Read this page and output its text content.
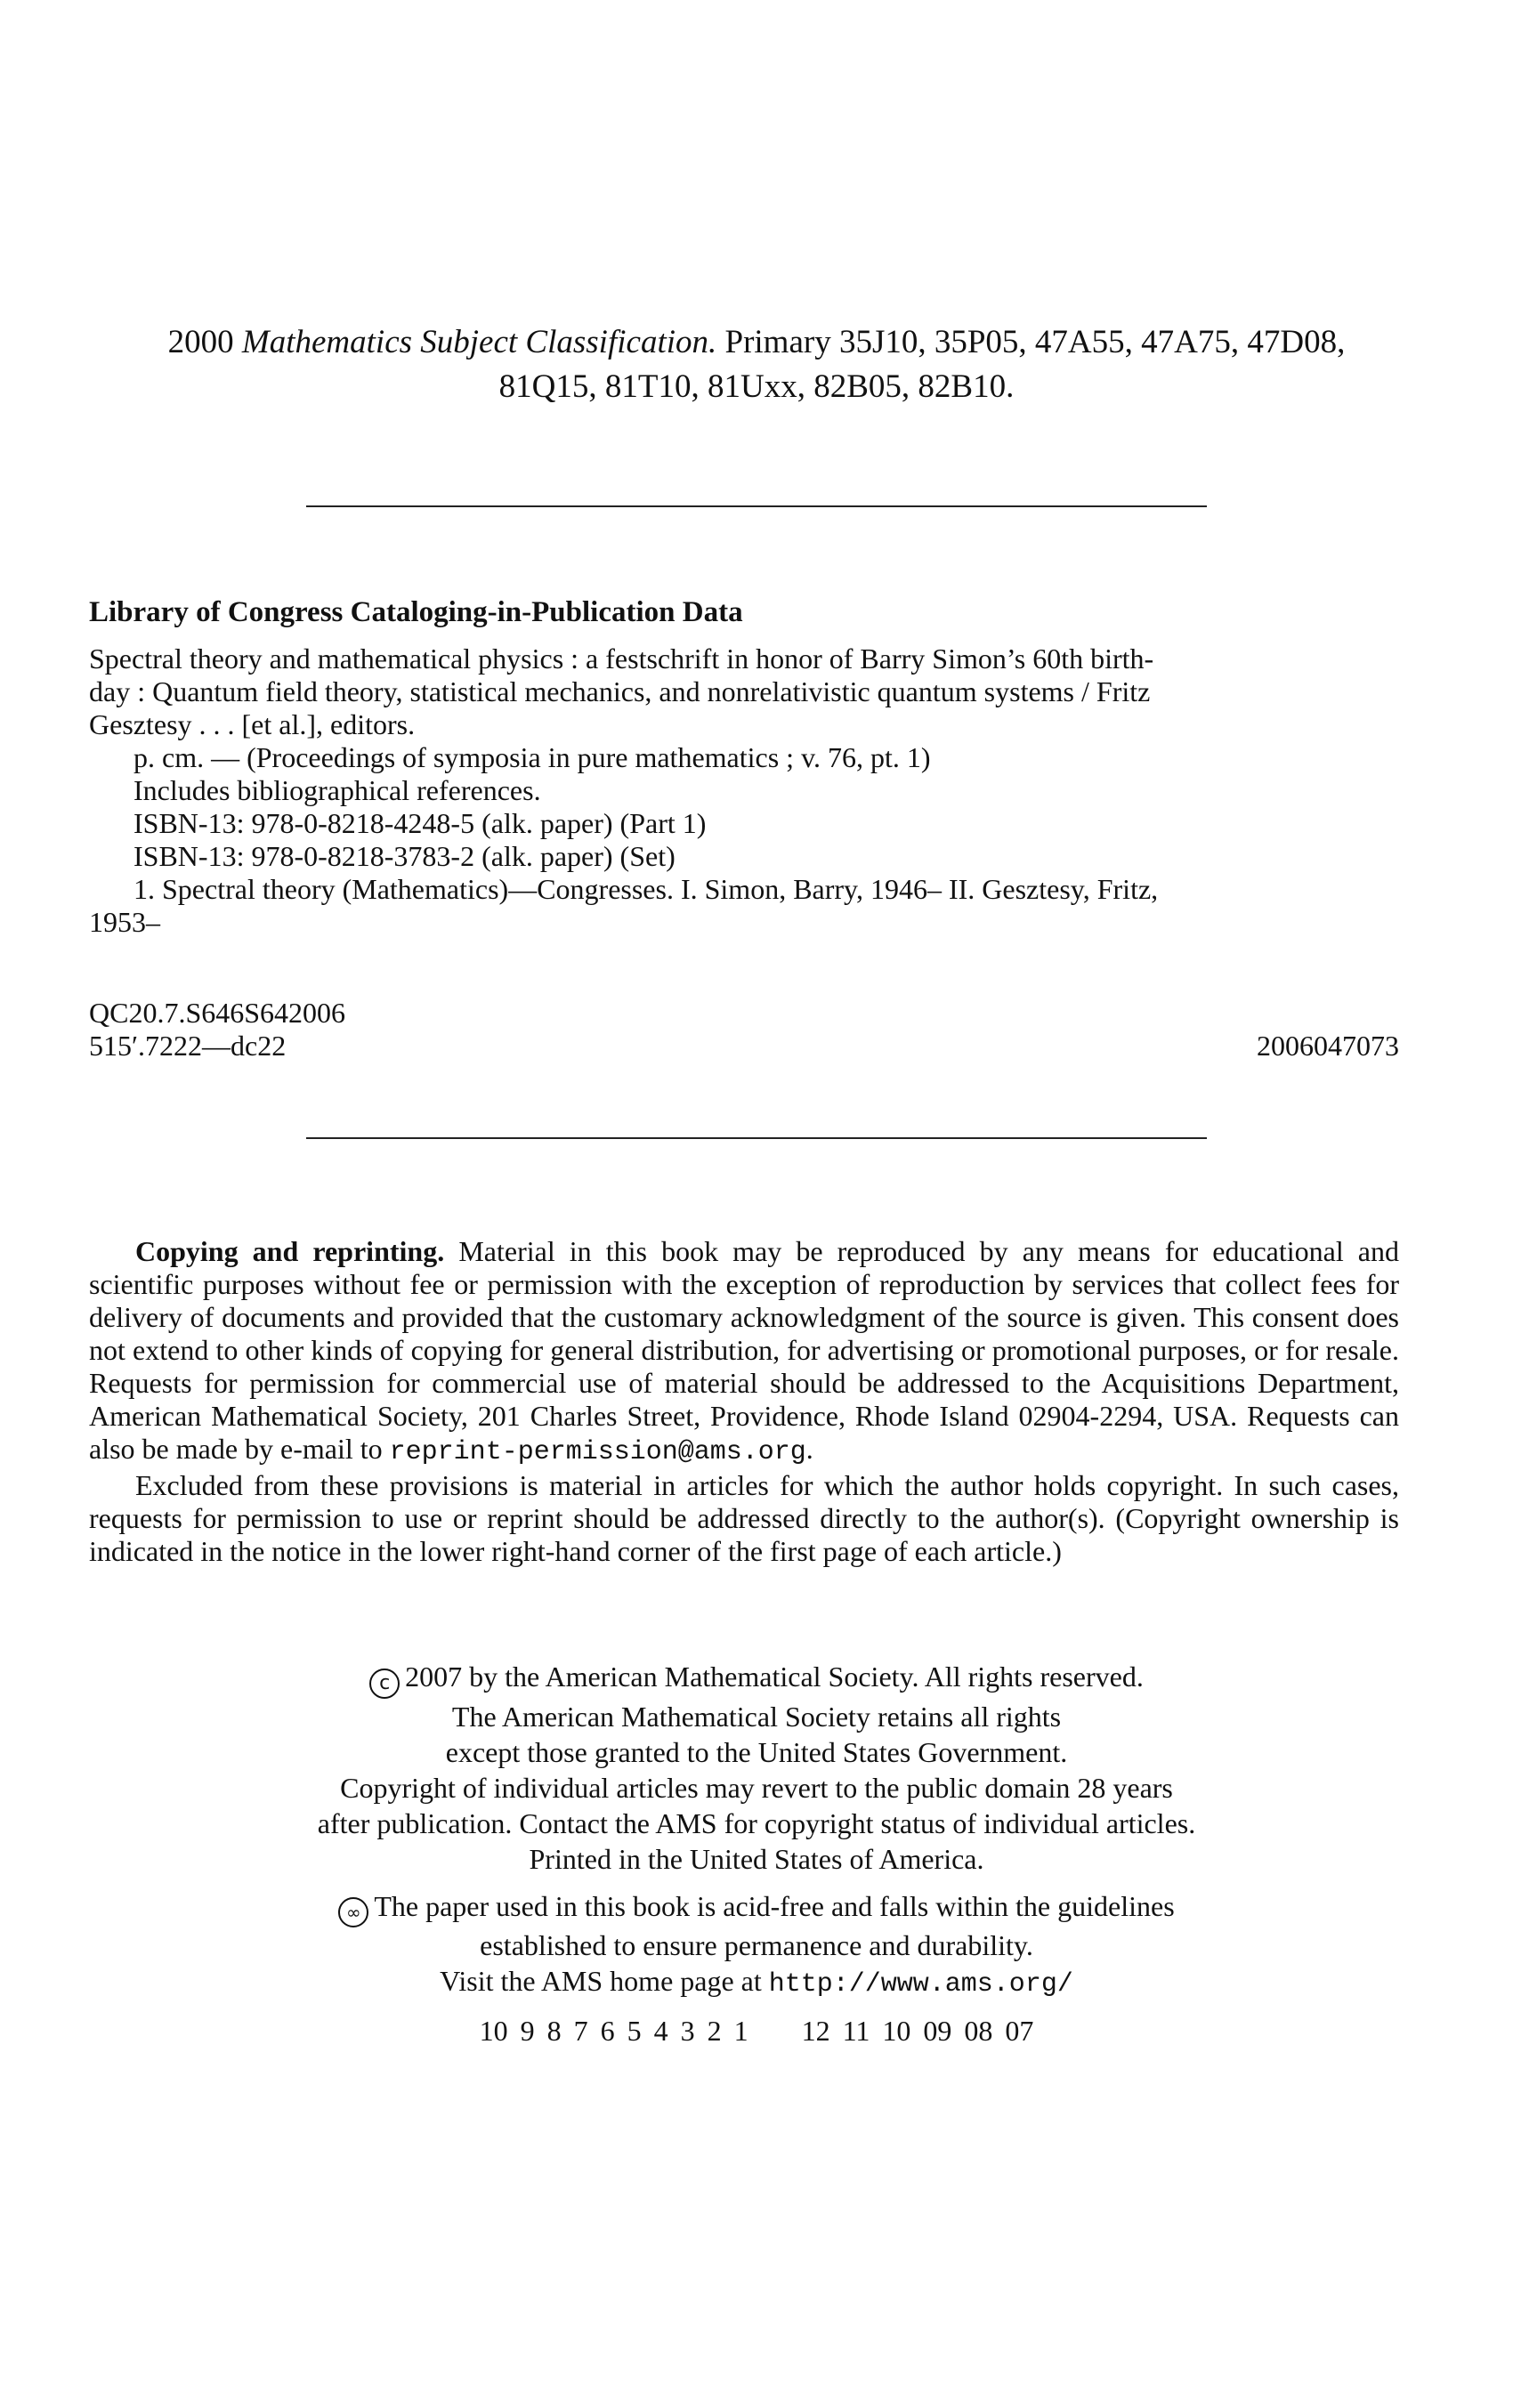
2000 Mathematics Subject Classification. Primary 35J10, 35P05, 47A55, 47A75, 47D08,
81Q15, 81T10, 81Uxx, 82B05, 82B10.
Library of Congress Cataloging-in-Publication Data
Spectral theory and mathematical physics : a festschrift in honor of Barry Simon’s 60th birth-
day : Quantum field theory, statistical mechanics, and nonrelativistic quantum systems / Fritz
Gesztesy . . . [et al.], editors.
p. cm. — (Proceedings of symposia in pure mathematics ; v. 76, pt. 1)
Includes bibliographical references.
ISBN-13: 978-0-8218-4248-5 (alk. paper) (Part 1)
ISBN-13: 978-0-8218-3783-2 (alk. paper) (Set)
1. Spectral theory (Mathematics)—Congresses. I. Simon, Barry, 1946– II. Gesztesy, Fritz,
1953–
QC20.7.S646S642006
515′.7222—dc22	2006047073

Copying and reprinting. Material in this book may be reproduced by any means for educational and scientific purposes without fee or permission with the exception of reproduction by services that collect fees for delivery of documents and provided that the customary acknowledgment of the source is given. This consent does not extend to other kinds of copying for general distribution, for advertising or promotional purposes, or for resale. Requests for permission for commercial use of material should be addressed to the Acquisitions Department, American Mathematical Society, 201 Charles Street, Providence, Rhode Island 02904-2294, USA. Requests can also be made by e-mail to reprint-permission@ams.org.

Excluded from these provisions is material in articles for which the author holds copyright. In such cases, requests for permission to use or reprint should be addressed directly to the author(s). (Copyright ownership is indicated in the notice in the lower right-hand corner of the first page of each article.)

c 2007 by the American Mathematical Society. All rights reserved.
The American Mathematical Society retains all rights
except those granted to the United States Government.
Copyright of individual articles may revert to the public domain 28 years
after publication. Contact the AMS for copyright status of individual articles.
Printed in the United States of America.
∞ The paper used in this book is acid-free and falls within the guidelines
established to ensure permanence and durability.
Visit the AMS home page at http://www.ams.org/
10 9 8 7 6 5 4 3 2 1 12 11 10 09 08 07
